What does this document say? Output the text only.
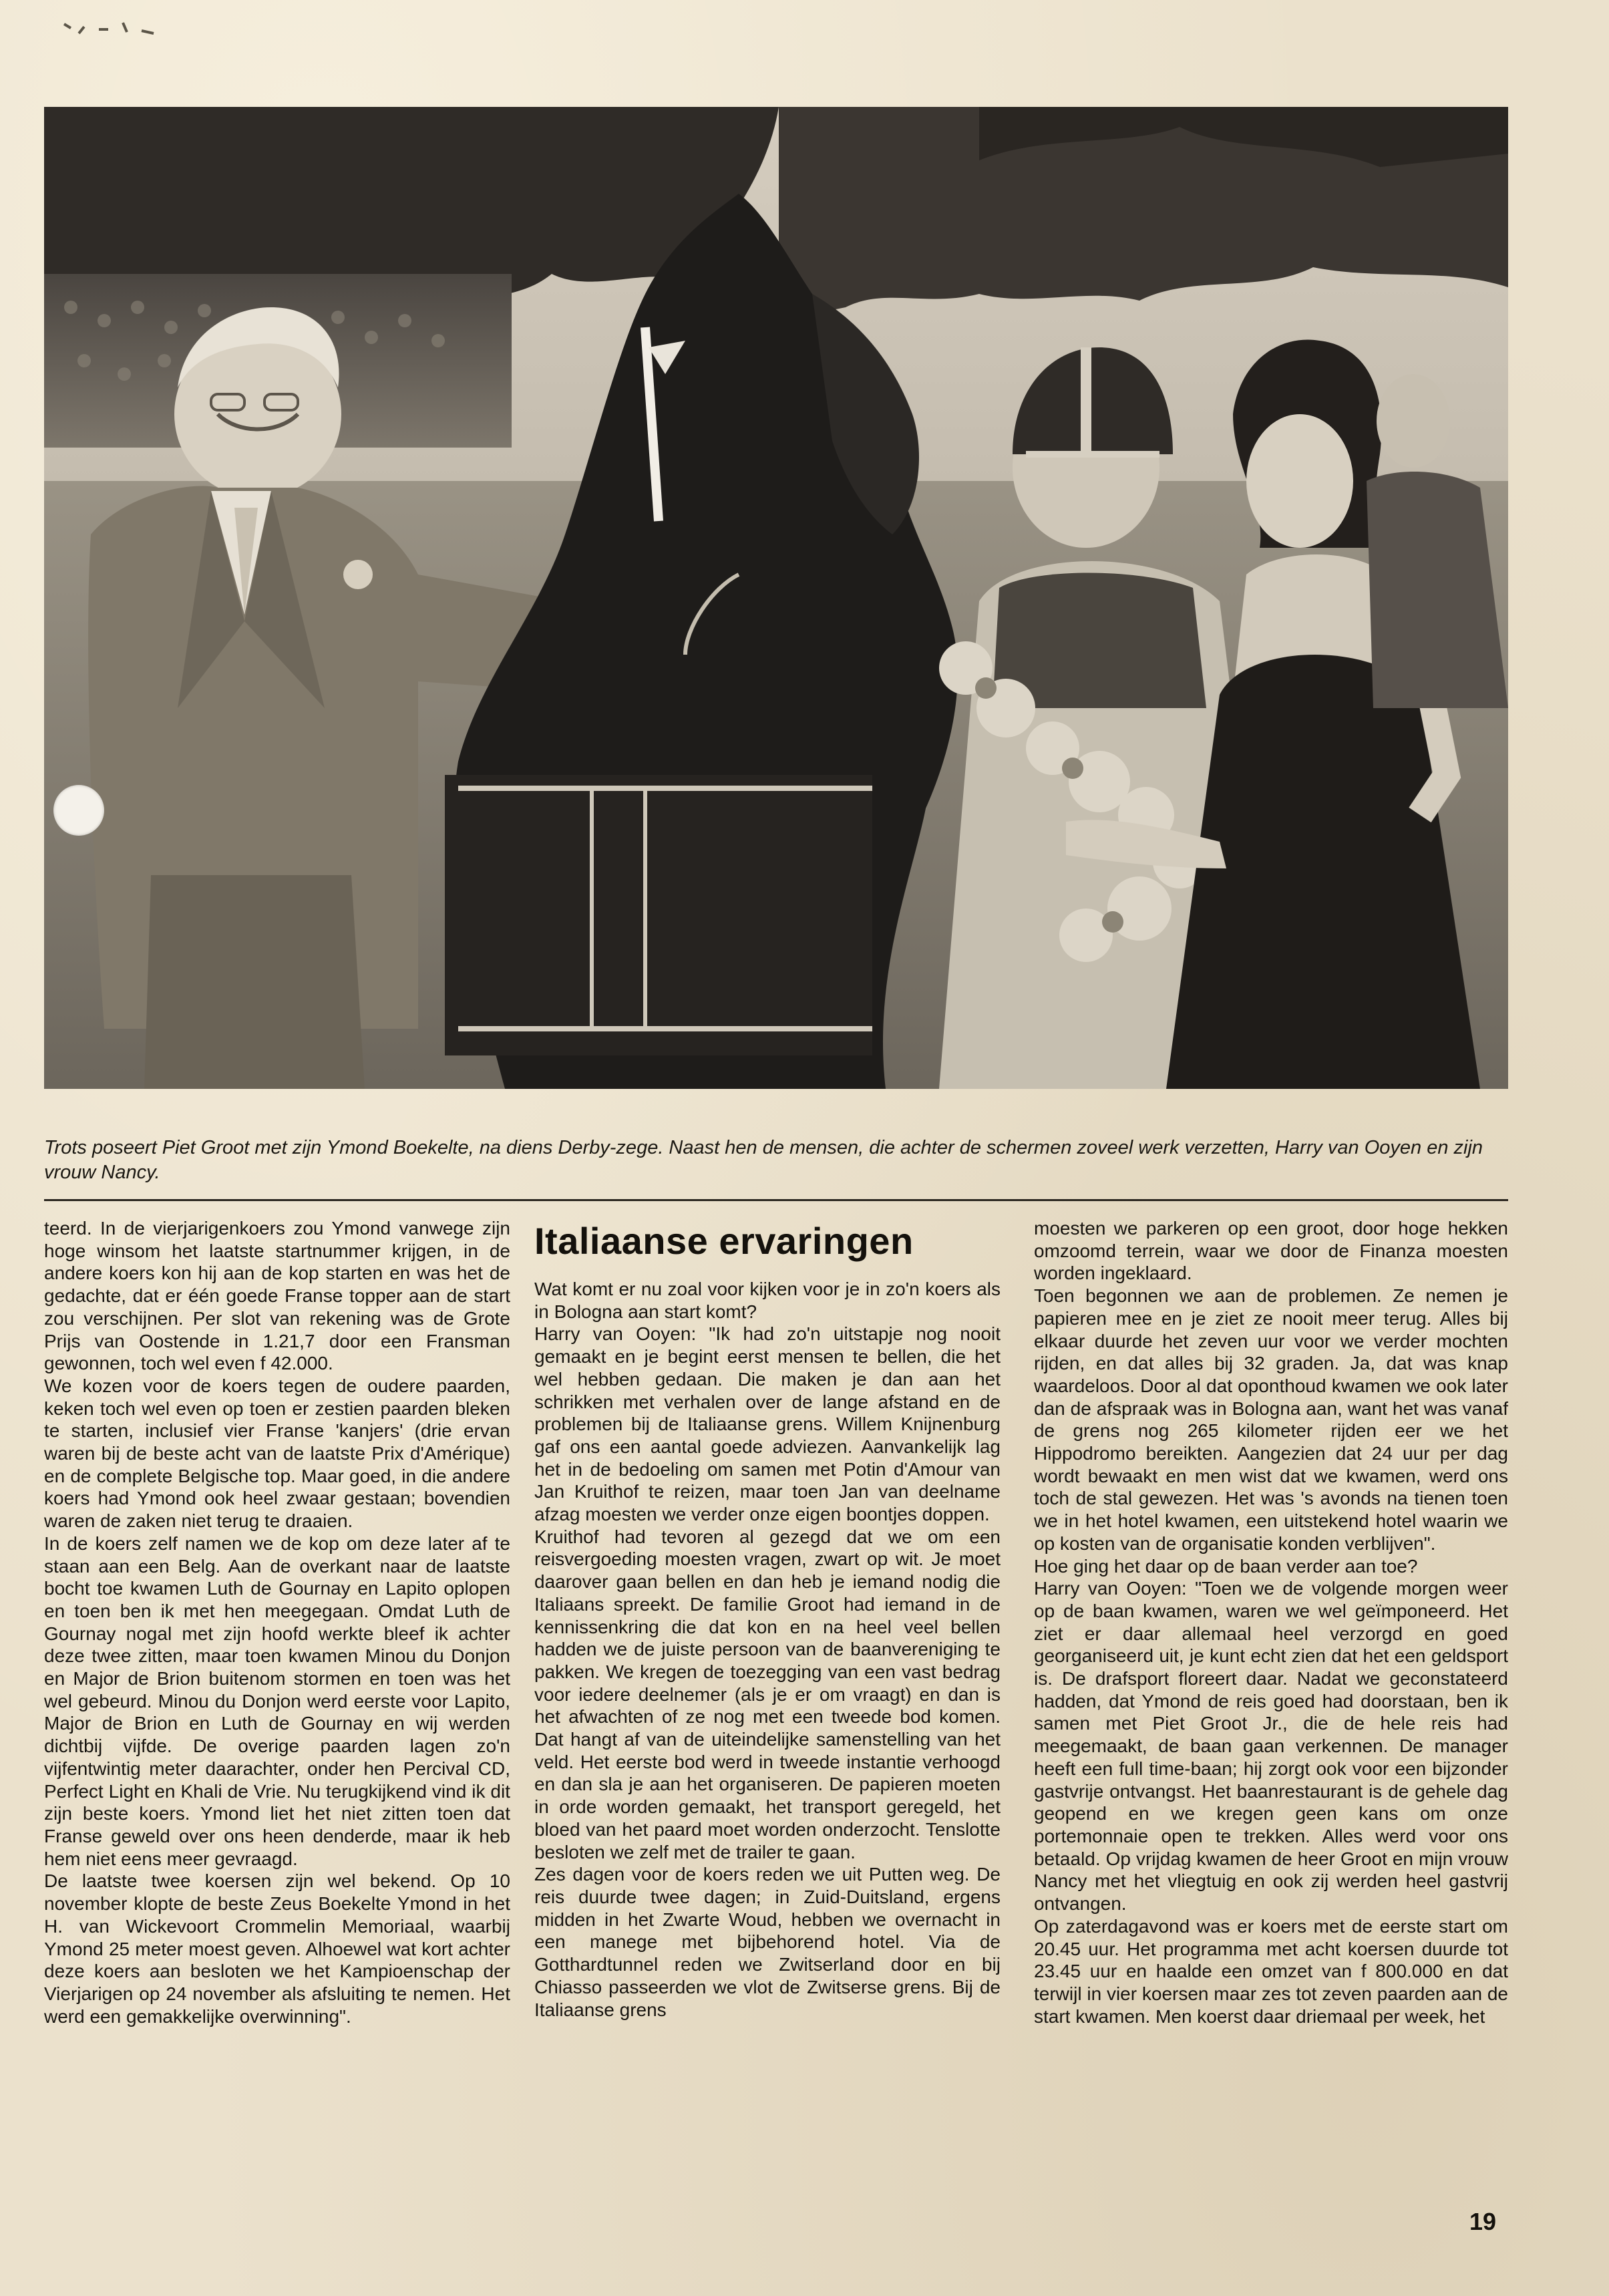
Trots poseert Piet Groot met zijn Ymond Boekelte, na diens Derby-zege. Naast hen de mensen, die achter de schermen zoveel werk verzetten, Harry van Ooyen en zijn vrouw Nancy.

teerd. In de vierjarigenkoers zou Ymond vanwege zijn hoge winsom het laatste startnummer krijgen, in de andere koers kon hij aan de kop starten en was het de gedachte, dat er één goede Franse topper aan de start zou verschijnen. Per slot van rekening was de Grote Prijs van Oostende in 1.21,7 door een Fransman gewonnen, toch wel even f 42.000.

We kozen voor de koers tegen de oudere paarden, keken toch wel even op toen er zestien paarden bleken te starten, inclusief vier Franse 'kanjers' (drie ervan waren bij de beste acht van de laatste Prix d'Amérique) en de complete Belgische top. Maar goed, in die andere koers had Ymond ook heel zwaar gestaan; bovendien waren de zaken niet terug te draaien.

In de koers zelf namen we de kop om deze later af te staan aan een Belg. Aan de overkant naar de laatste bocht toe kwamen Luth de Gournay en Lapito oplopen en toen ben ik met hen meegegaan. Omdat Luth de Gournay nogal met zijn hoofd werkte bleef ik achter deze twee zitten, maar toen kwamen Minou du Donjon en Major de Brion buitenom stormen en toen was het wel gebeurd. Minou du Donjon werd eerste voor Lapito, Major de Brion en Luth de Gournay en wij werden dichtbij vijfde. De overige paarden lagen zo'n vijfentwintig meter daarachter, onder hen Percival CD, Perfect Light en Khali de Vrie. Nu terugkijkend vind ik dit zijn beste koers. Ymond liet het niet zitten toen dat Franse geweld over ons heen denderde, maar ik heb hem niet eens meer gevraagd.

De laatste twee koersen zijn wel bekend. Op 10 november klopte de beste Zeus Boekelte Ymond in het H. van Wickevoort Crommelin Memoriaal, waarbij Ymond 25 meter moest geven. Alhoewel wat kort achter deze koers aan besloten we het Kampioenschap der Vierjarigen op 24 november als afsluiting te nemen. Het werd een gemakkelijke overwinning".

Italiaanse ervaringen

Wat komt er nu zoal voor kijken voor je in zo'n koers als in Bologna aan start komt?

Harry van Ooyen: "Ik had zo'n uitstapje nog nooit gemaakt en je begint eerst mensen te bellen, die het wel hebben gedaan. Die maken je dan aan het schrikken met verhalen over de lange afstand en de problemen bij de Italiaanse grens. Willem Knijnenburg gaf ons een aantal goede adviezen. Aanvankelijk lag het in de bedoeling om samen met Potin d'Amour van Jan Kruithof te reizen, maar toen Jan van deelname afzag moesten we verder onze eigen boontjes doppen.

Kruithof had tevoren al gezegd dat we om een reisvergoeding moesten vragen, zwart op wit. Je moet daarover gaan bellen en dan heb je iemand nodig die Italiaans spreekt. De familie Groot had iemand in de kennissenkring die dat kon en na heel veel bellen hadden we de juiste persoon van de baanvereniging te pakken. We kregen de toezegging van een vast bedrag voor iedere deelnemer (als je er om vraagt) en dan is het afwachten of ze nog met een tweede bod komen. Dat hangt af van de uiteindelijke samenstelling van het veld. Het eerste bod werd in tweede instantie verhoogd en dan sla je aan het organiseren. De papieren moeten in orde worden gemaakt, het transport geregeld, het bloed van het paard moet worden onderzocht. Tenslotte besloten we zelf met de trailer te gaan.

Zes dagen voor de koers reden we uit Putten weg. De reis duurde twee dagen; in Zuid-Duitsland, ergens midden in het Zwarte Woud, hebben we overnacht in een manege met bijbehorend hotel. Via de Gotthardtunnel reden we Zwitserland door en bij Chiasso passeerden we vlot de Zwitserse grens. Bij de Italiaanse grens

moesten we parkeren op een groot, door hoge hekken omzoomd terrein, waar we door de Finanza moesten worden ingeklaard.

Toen begonnen we aan de problemen. Ze nemen je papieren mee en je ziet ze nooit meer terug. Alles bij elkaar duurde het zeven uur voor we verder mochten rijden, en dat alles bij 32 graden. Ja, dat was knap waardeloos. Door al dat oponthoud kwamen we ook later dan de afspraak was in Bologna aan, want het was vanaf de grens nog 265 kilometer rijden eer we het Hippodromo bereikten. Aangezien dat 24 uur per dag wordt bewaakt en men wist dat we kwamen, werd ons toch de stal gewezen. Het was 's avonds na tienen toen we in het hotel kwamen, een uitstekend hotel waarin we op kosten van de organisatie konden verblijven".

Hoe ging het daar op de baan verder aan toe?

Harry van Ooyen: "Toen we de volgende morgen weer op de baan kwamen, waren we wel geïmponeerd. Het ziet er daar allemaal heel verzorgd en goed georganiseerd uit, je kunt echt zien dat het een geldsport is. De drafsport floreert daar. Nadat we geconstateerd hadden, dat Ymond de reis goed had doorstaan, ben ik samen met Piet Groot Jr., die de hele reis had meegemaakt, de baan gaan verkennen. De manager heeft een full time-baan; hij zorgt ook voor een bijzonder gastvrije ontvangst. Het baanrestaurant is de gehele dag geopend en we kregen geen kans om onze portemonnaie open te trekken. Alles werd voor ons betaald. Op vrijdag kwamen de heer Groot en mijn vrouw Nancy met het vliegtuig en ook zij werden heel gastvrij ontvangen.

Op zaterdagavond was er koers met de eerste start om 20.45 uur. Het programma met acht koersen duurde tot 23.45 uur en haalde een omzet van f 800.000 en dat terwijl in vier koersen maar zes tot zeven paarden aan de start kwamen. Men koerst daar driemaal per week, het

19
